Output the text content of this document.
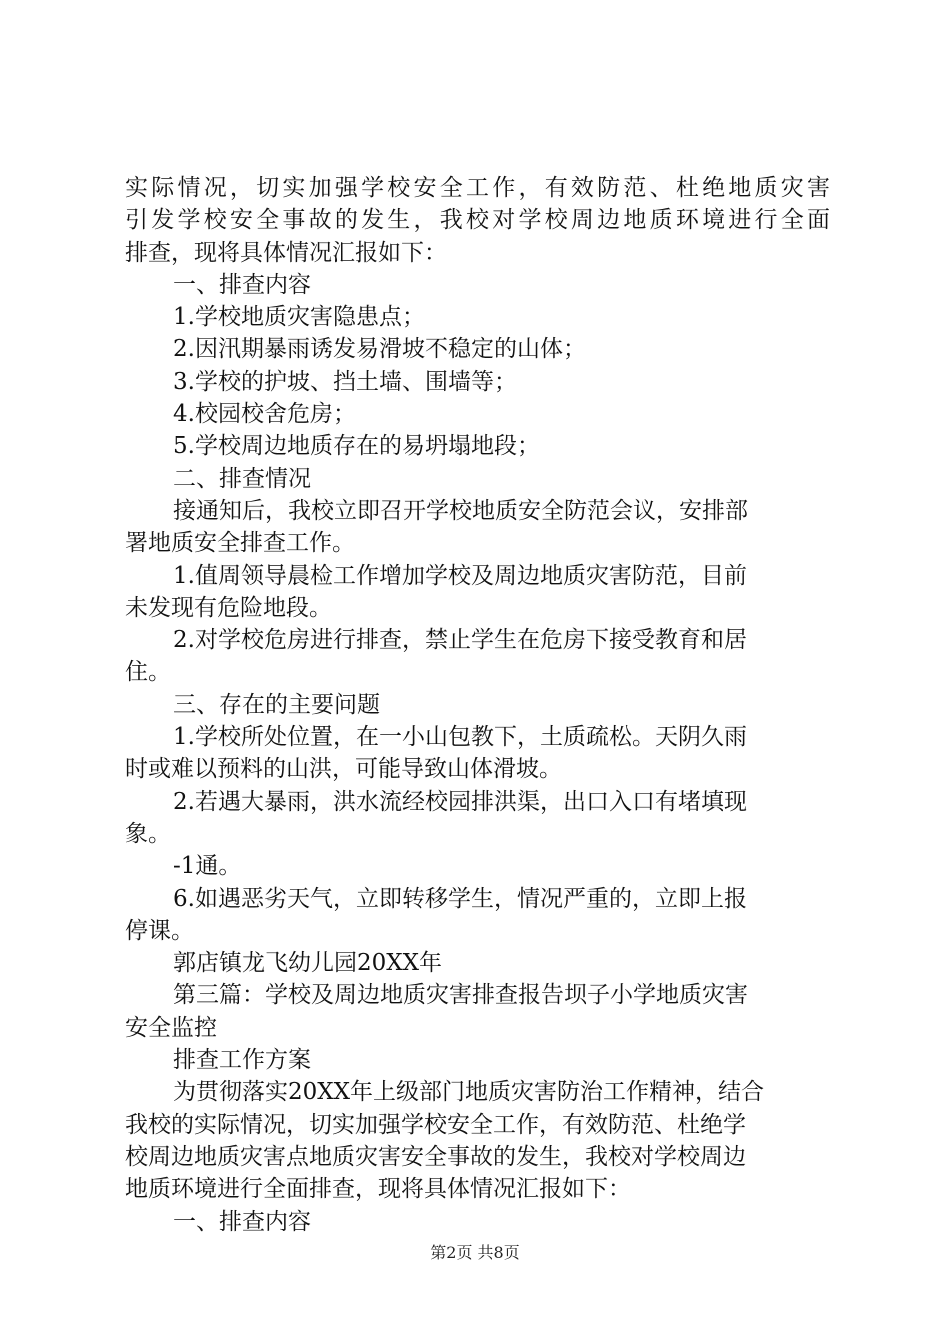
实际情况，切实加强学校安全工作，有效防范、杜绝地质灾害
引发学校安全事故的发生，我校对学校周边地质环境进行全面
排查，现将具体情况汇报如下：
一、排查内容
1.学校地质灾害隐患点；
2.因汛期暴雨诱发易滑坡不稳定的山体；
3.学校的护坡、挡土墙、围墙等；
4.校园校舍危房；
5.学校周边地质存在的易坍塌地段；
二、排查情况
接通知后，我校立即召开学校地质安全防范会议，安排部
署地质安全排查工作。
1.值周领导晨检工作增加学校及周边地质灾害防范，目前
未发现有危险地段。
2.对学校危房进行排查，禁止学生在危房下接受教育和居
住。
三、存在的主要问题
1.学校所处位置，在一小山包教下，土质疏松。天阴久雨
时或难以预料的山洪，可能导致山体滑坡。
2.若遇大暴雨，洪水流经校园排洪渠，出口入口有堵填现
象。
-1通。
6.如遇恶劣天气，立即转移学生，情况严重的，立即上报
停课。
郭店镇龙飞幼儿园20XX年
第三篇：学校及周边地质灾害排查报告坝子小学地质灾害
安全监控
排查工作方案
为贯彻落实20XX年上级部门地质灾害防治工作精神，结合
我校的实际情况，切实加强学校安全工作，有效防范、杜绝学
校周边地质灾害点地质灾害安全事故的发生，我校对学校周边
地质环境进行全面排查，现将具体情况汇报如下：
一、排查内容
第2页 共8页
